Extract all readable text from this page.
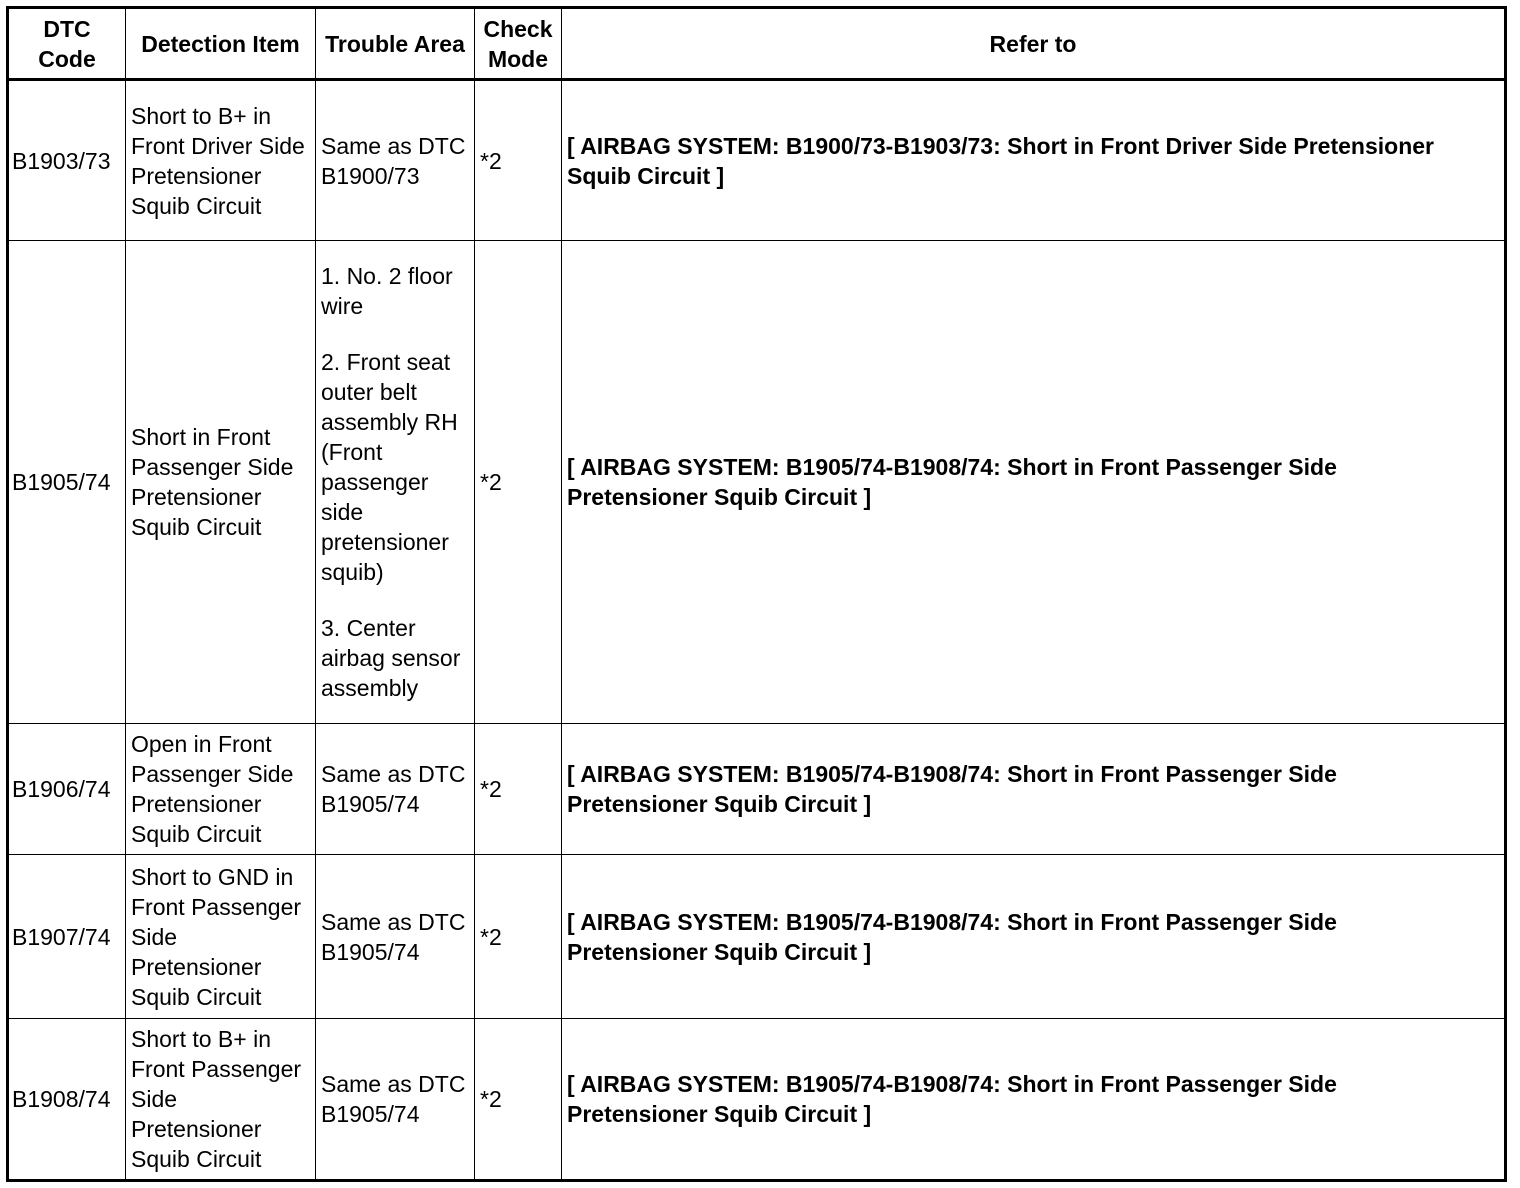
DTC Code	Detection Item	Trouble Area	Check Mode	Refer to
B1903/73	Short to B+ in Front Driver Side Pretensioner Squib Circuit	Same as DTC B1900/73	*2	[ AIRBAG SYSTEM: B1900/73-B1903/73: Short in Front Driver Side Pretensioner Squib Circuit ]
B1905/74	Short in Front Passenger Side Pretensioner Squib Circuit	1. No. 2 floor wire

2. Front seat outer belt assembly RH (Front passenger side pretensioner squib)

3. Center airbag sensor assembly	*2	[ AIRBAG SYSTEM: B1905/74-B1908/74: Short in Front Passenger Side Pretensioner Squib Circuit ]
B1906/74	Open in Front Passenger Side Pretensioner Squib Circuit	Same as DTC B1905/74	*2	[ AIRBAG SYSTEM: B1905/74-B1908/74: Short in Front Passenger Side Pretensioner Squib Circuit ]
B1907/74	Short to GND in Front Passenger Side Pretensioner Squib Circuit	Same as DTC B1905/74	*2	[ AIRBAG SYSTEM: B1905/74-B1908/74: Short in Front Passenger Side Pretensioner Squib Circuit ]
B1908/74	Short to B+ in Front Passenger Side Pretensioner Squib Circuit	Same as DTC B1905/74	*2	[ AIRBAG SYSTEM: B1905/74-B1908/74: Short in Front Passenger Side Pretensioner Squib Circuit ]
